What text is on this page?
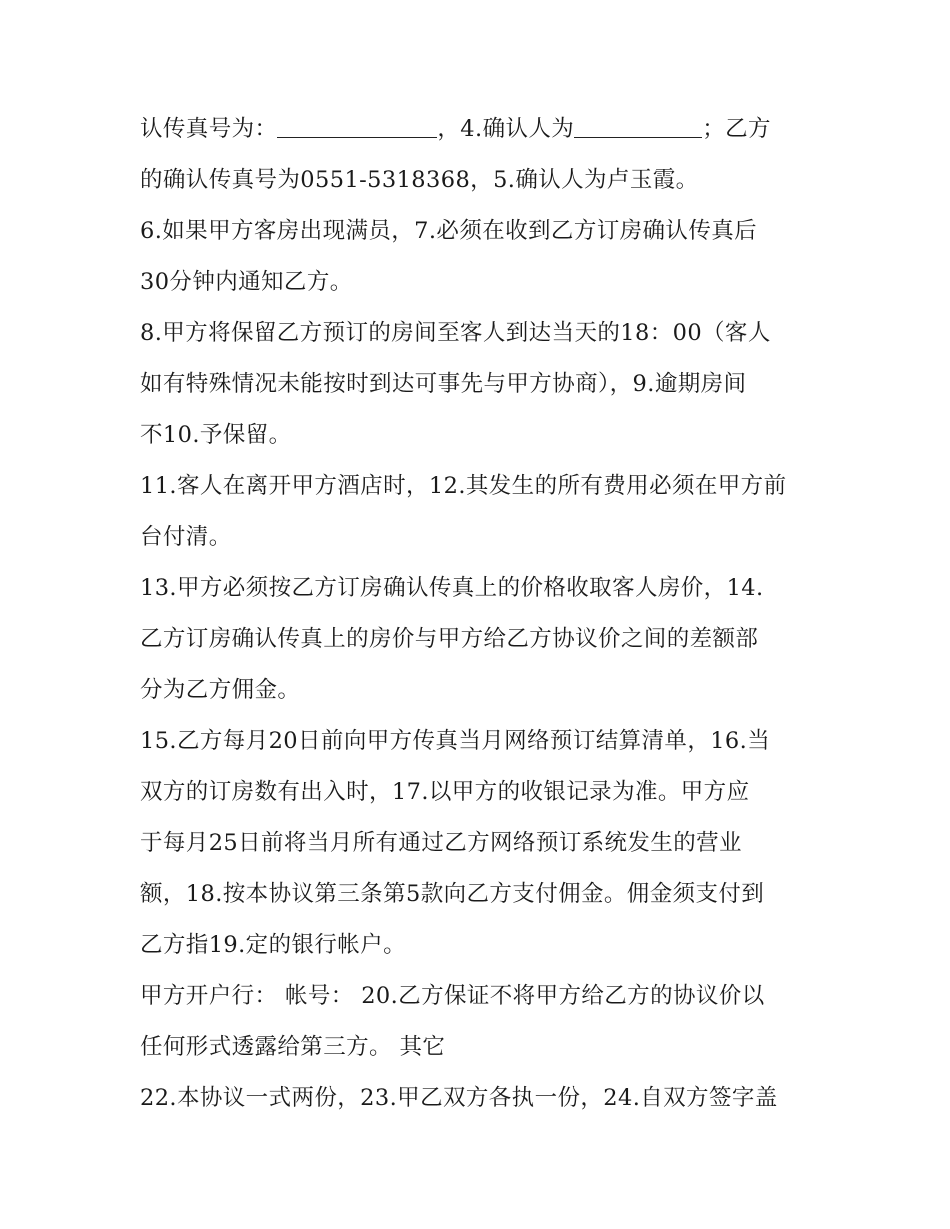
认传真号为：	，4.确认人为	；乙方
的确认传真号为0551-5318368，5.确认人为卢玉霞。
6.如果甲方客房出现满员，7.必须在收到乙方订房确认传真后
30分钟内通知乙方。
8.甲方将保留乙方预订的房间至客人到达当天的18：00（客人
如有特殊情况未能按时到达可事先与甲方协商），9.逾期房间
不10.予保留。
11.客人在离开甲方酒店时，12.其发生的所有费用必须在甲方前
台付清。
13.甲方必须按乙方订房确认传真上的价格收取客人房价，14.
乙方订房确认传真上的房价与甲方给乙方协议价之间的差额部
分为乙方佣金。
15.乙方每月20日前向甲方传真当月网络预订结算清单，16.当
双方的订房数有出入时，17.以甲方的收银记录为准。甲方应
于每月25日前将当月所有通过乙方网络预订系统发生的营业
额，18.按本协议第三条第5款向乙方支付佣金。佣金须支付到
乙方指19.定的银行帐户。
甲方开户行： 帐号： 20.乙方保证不将甲方给乙方的协议价以
任何形式透露给第三方。 其它
22.本协议一式两份，23.甲乙双方各执一份，24.自双方签字盖
